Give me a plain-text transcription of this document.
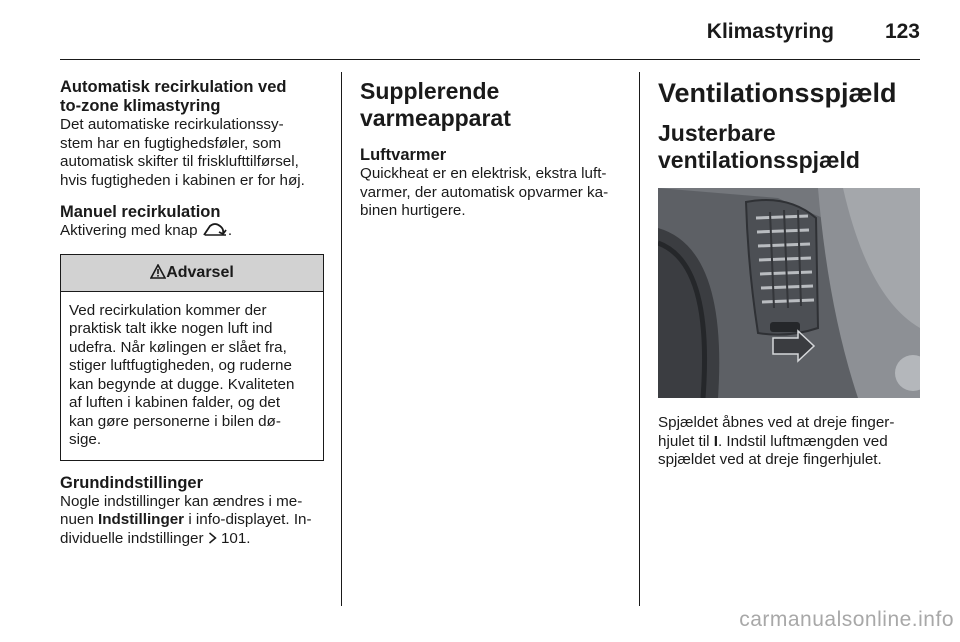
Klimastyring 123
Automatisk recirkulation ved
to-zone klimastyring

Det automatiske recirkulationssy-
stem har en fugtighedsføler, som
automatisk skifter til frisklufttilførsel,
hvis fugtigheden i kabinen er for høj.

Manuel recirkulation

Aktivering med knap .

Advarsel
Ved recirkulation kommer der
praktisk talt ikke nogen luft ind
udefra. Når kølingen er slået fra,
stiger luftfugtigheden, og ruderne
kan begynde at dugge. Kvaliteten
af luften i kabinen falder, og det
kan gøre personerne i bilen dø-
sige.
Grundindstillinger

Nogle indstillinger kan ændres i me-
nuen Indstillinger i info-displayet. In-
dividuelle indstillinger  101.

Supplerende
varmeapparat
Luftvarmer

Quickheat er en elektrisk, ekstra luft-
varmer, der automatisk opvarmer ka-
binen hurtigere.

Ventilationsspjæld
Justerbare
ventilationsspjæld

Spjældet åbnes ved at dreje finger-
hjulet til I. Indstil luftmængden ved
spjældet ved at dreje fingerhjulet.

carmanualsonline.info
